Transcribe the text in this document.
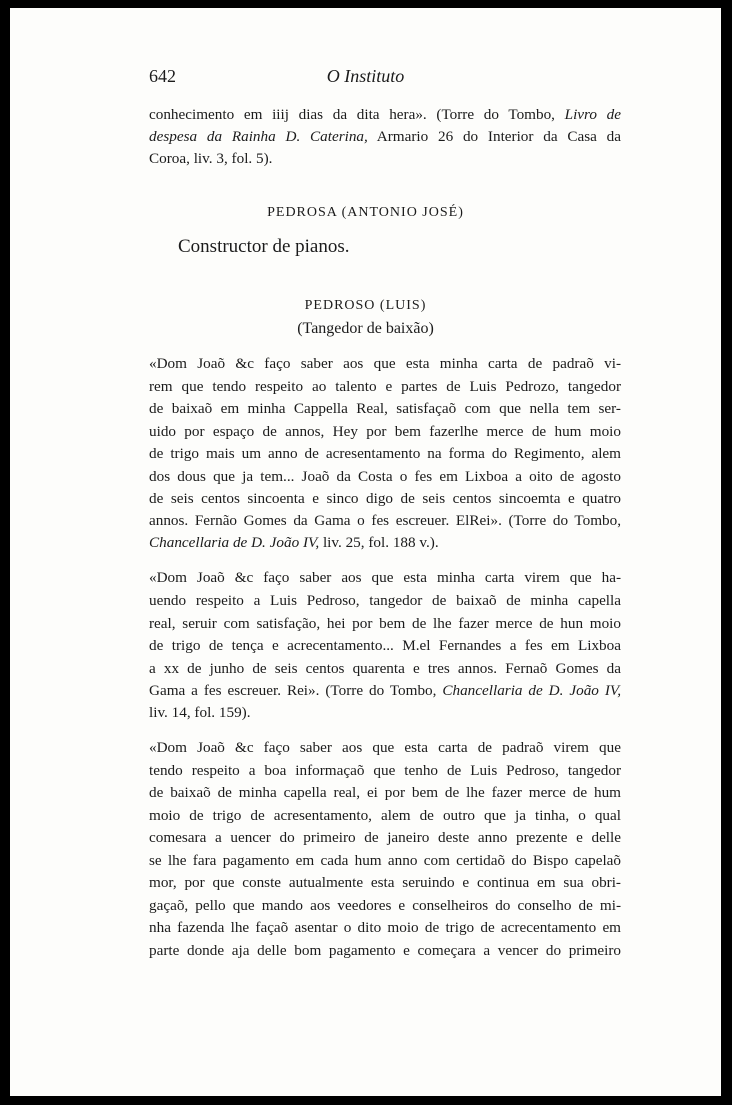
642	O Instituto
conhecimento em iiij dias da dita hera». (Torre do Tombo, Livro de
despesa da Rainha D. Caterina, Armario 26 do Interior da Casa da
Coroa, liv. 3, fol. 5).
PEDROSA (ANTONIO JOSÉ)
Constructor de pianos.
PEDROSO (LUIS)
(Tangedor de baixão)
«Dom Joaõ &c faço saber aos que esta minha carta de padraõ vi-
rem que tendo respeito ao talento e partes de Luis Pedrozo, tangedor
de baixaõ em minha Cappella Real, satisfaçaõ com que nella tem ser-
uido por espaço de annos, Hey por bem fazerlhe merce de hum moio
de trigo mais um anno de acresentamento na forma do Regimento, alem
dos dous que ja tem... Joaõ da Costa o fes em Lixboa a oito de agosto
de seis centos sincoenta e sinco digo de seis centos sincoemta e quatro
annos. Fernão Gomes da Gama o fes escreuer. ElRei». (Torre do Tombo,
Chancellaria de D. João IV, liv. 25, fol. 188 v.).
«Dom Joaõ &c faço saber aos que esta minha carta virem que ha-
uendo respeito a Luis Pedroso, tangedor de baixaõ de minha capella
real, seruir com satisfação, hei por bem de lhe fazer merce de hun moio
de trigo de tença e acrecentamento... M.el Fernandes a fes em Lixboa
a xx de junho de seis centos quarenta e tres annos. Fernaõ Gomes da
Gama a fes escreuer. Rei». (Torre do Tombo, Chancellaria de D. João IV,
liv. 14, fol. 159).
«Dom Joaõ &c faço saber aos que esta carta de padraõ virem que
tendo respeito a boa informaçaõ que tenho de Luis Pedroso, tangedor
de baixaõ de minha capella real, ei por bem de lhe fazer merce de hum
moio de trigo de acresentamento, alem de outro que ja tinha, o qual
comesara a uencer do primeiro de janeiro deste anno prezente e delle
se lhe fara pagamento em cada hum anno com certidaõ do Bispo capelaõ
mor, por que conste autualmente esta seruindo e continua em sua obri-
gaçaõ, pello que mando aos veedores e conselheiros do conselho de mi-
nha fazenda lhe façaõ asentar o dito moio de trigo de acrecentamento em
parte donde aja delle bom pagamento e começara a vencer do primeiro
